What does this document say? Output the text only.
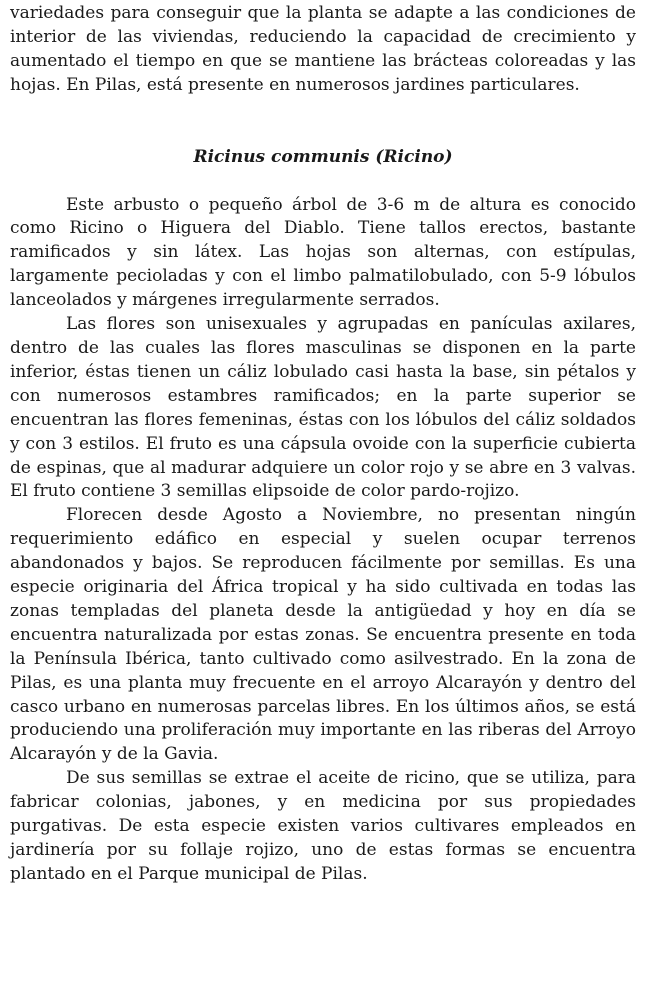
variedades para conseguir que la planta se adapte a las condiciones de interior de las viviendas, reduciendo la capacidad de crecimiento y aumentado el tiempo en que se mantiene las brácteas coloreadas y las hojas. En Pilas, está presente en numerosos jardines particulares.

Ricinus communis (Ricino)

Este arbusto o pequeño árbol de 3-6 m de altura es conocido como Ricino o Higuera del Diablo. Tiene tallos erectos, bastante ramificados y sin látex. Las hojas son alternas, con estípulas, largamente pecioladas y con el limbo palmatilobulado, con 5-9 lóbulos lanceolados y márgenes irregularmente serrados.

Las flores son unisexuales y agrupadas en panículas axilares, dentro de las cuales las flores masculinas se disponen en la parte inferior, éstas tienen un cáliz lobulado casi hasta la base, sin pétalos y con numerosos estambres ramificados; en la parte superior se encuentran las flores femeninas, éstas con los lóbulos del cáliz soldados y con 3 estilos. El fruto es una cápsula ovoide con la superficie cubierta de espinas, que al madurar adquiere un color rojo y se abre en 3 valvas. El fruto contiene 3 semillas elipsoide de color pardo-rojizo.

Florecen desde Agosto a Noviembre, no presentan ningún requerimiento edáfico en especial y suelen ocupar terrenos abandonados y bajos. Se reproducen fácilmente por semillas. Es una especie originaria del África tropical y ha sido cultivada en todas las zonas templadas del planeta desde la antigüedad y hoy en día se encuentra naturalizada por estas zonas. Se encuentra presente en toda la Península Ibérica, tanto cultivado como asilvestrado. En la zona de Pilas, es una planta muy frecuente en el arroyo Alcarayón y dentro del casco urbano en numerosas parcelas libres. En los últimos años, se está produciendo una proliferación muy importante en las riberas del Arroyo Alcarayón y de la Gavia.

De sus semillas se extrae el aceite de ricino, que se utiliza, para fabricar colonias, jabones, y en medicina por sus propiedades purgativas. De esta especie existen varios cultivares empleados en jardinería por su follaje rojizo, uno de estas formas se encuentra plantado en el Parque municipal de Pilas.
